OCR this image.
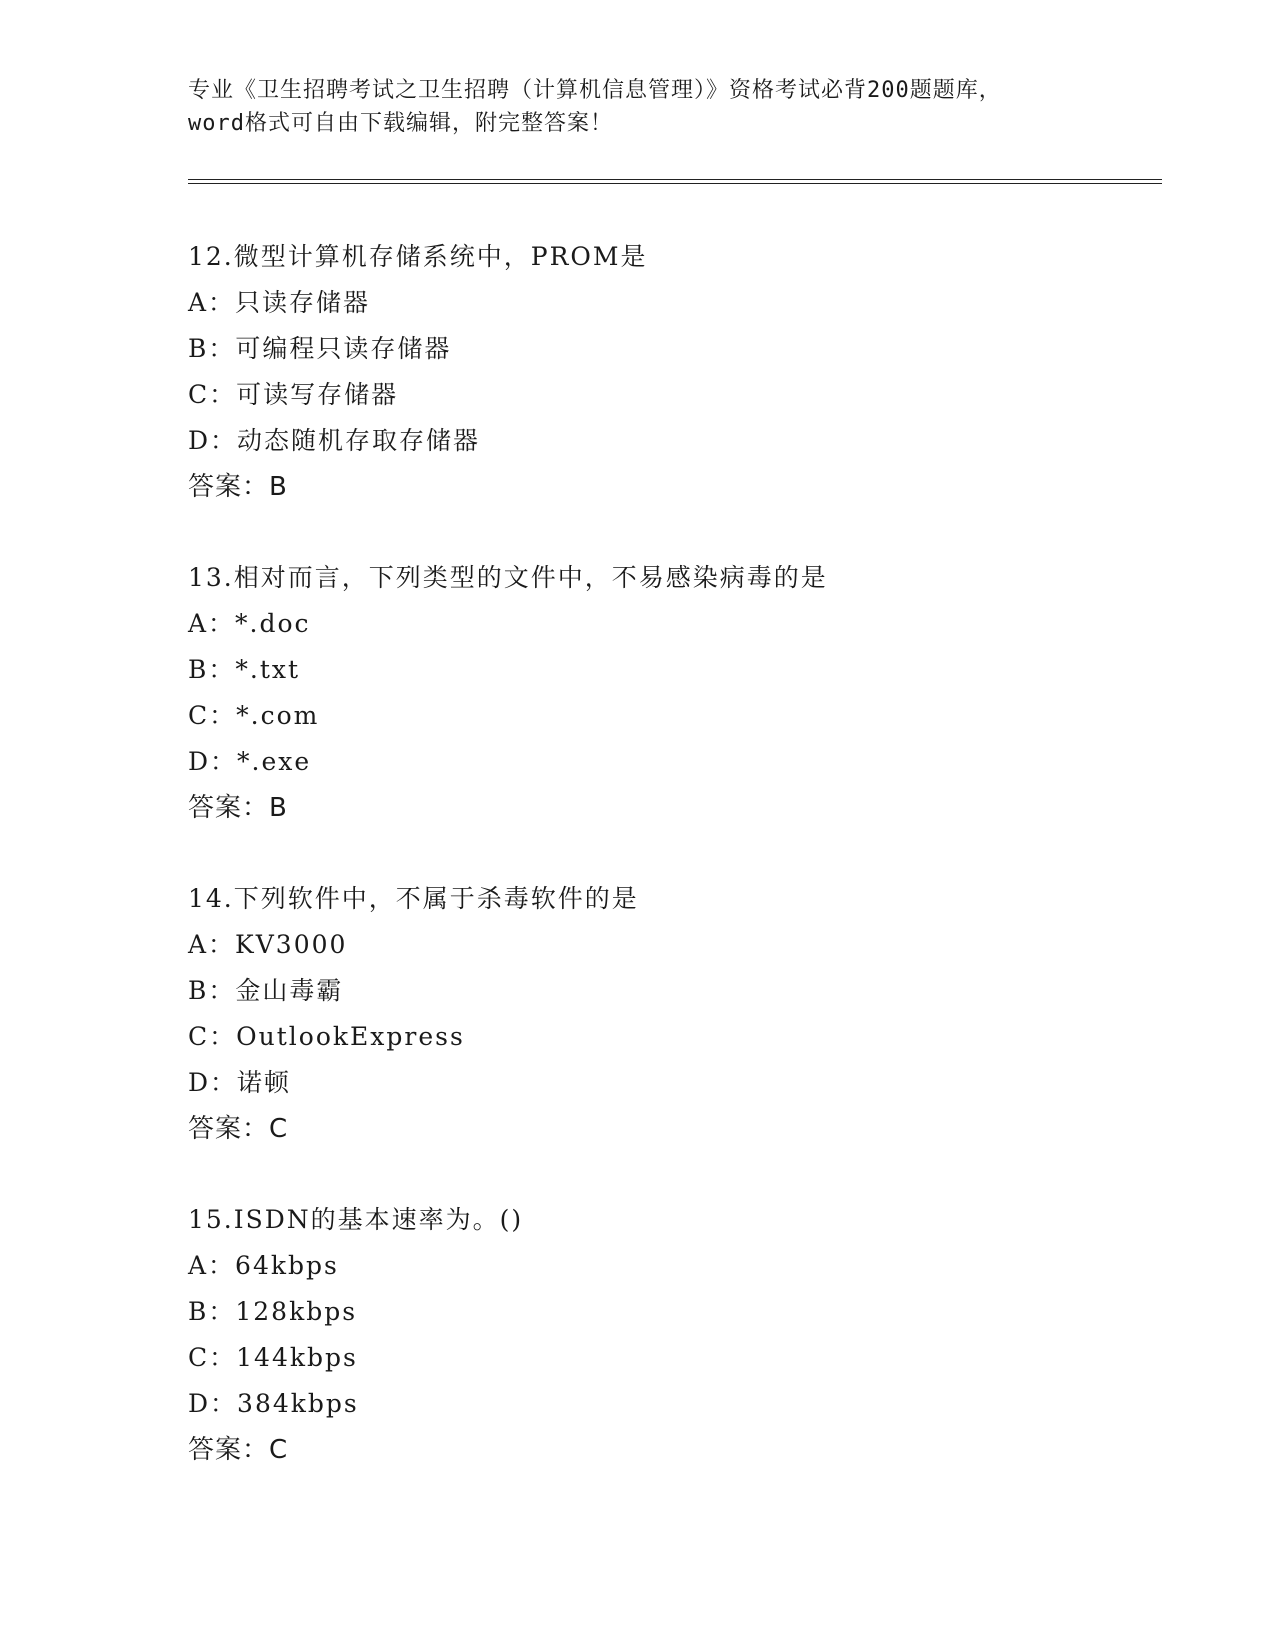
专业《卫生招聘考试之卫生招聘（计算机信息管理）》资格考试必背200题题库，
word格式可自由下载编辑，附完整答案！
12.微型计算机存储系统中，PROM是
A：只读存储器
B：可编程只读存储器
C：可读写存储器
D：动态随机存取存储器
答案：B
13.相对而言，下列类型的文件中，不易感染病毒的是
A：*.doc
B：*.txt
C：*.com
D：*.exe
答案：B
14.下列软件中，不属于杀毒软件的是
A：KV3000
B：金山毒霸
C：OutlookExpress
D：诺顿
答案：C
15.ISDN的基本速率为。()
A：64kbps
B：128kbps
C：144kbps
D：384kbps
答案：C
